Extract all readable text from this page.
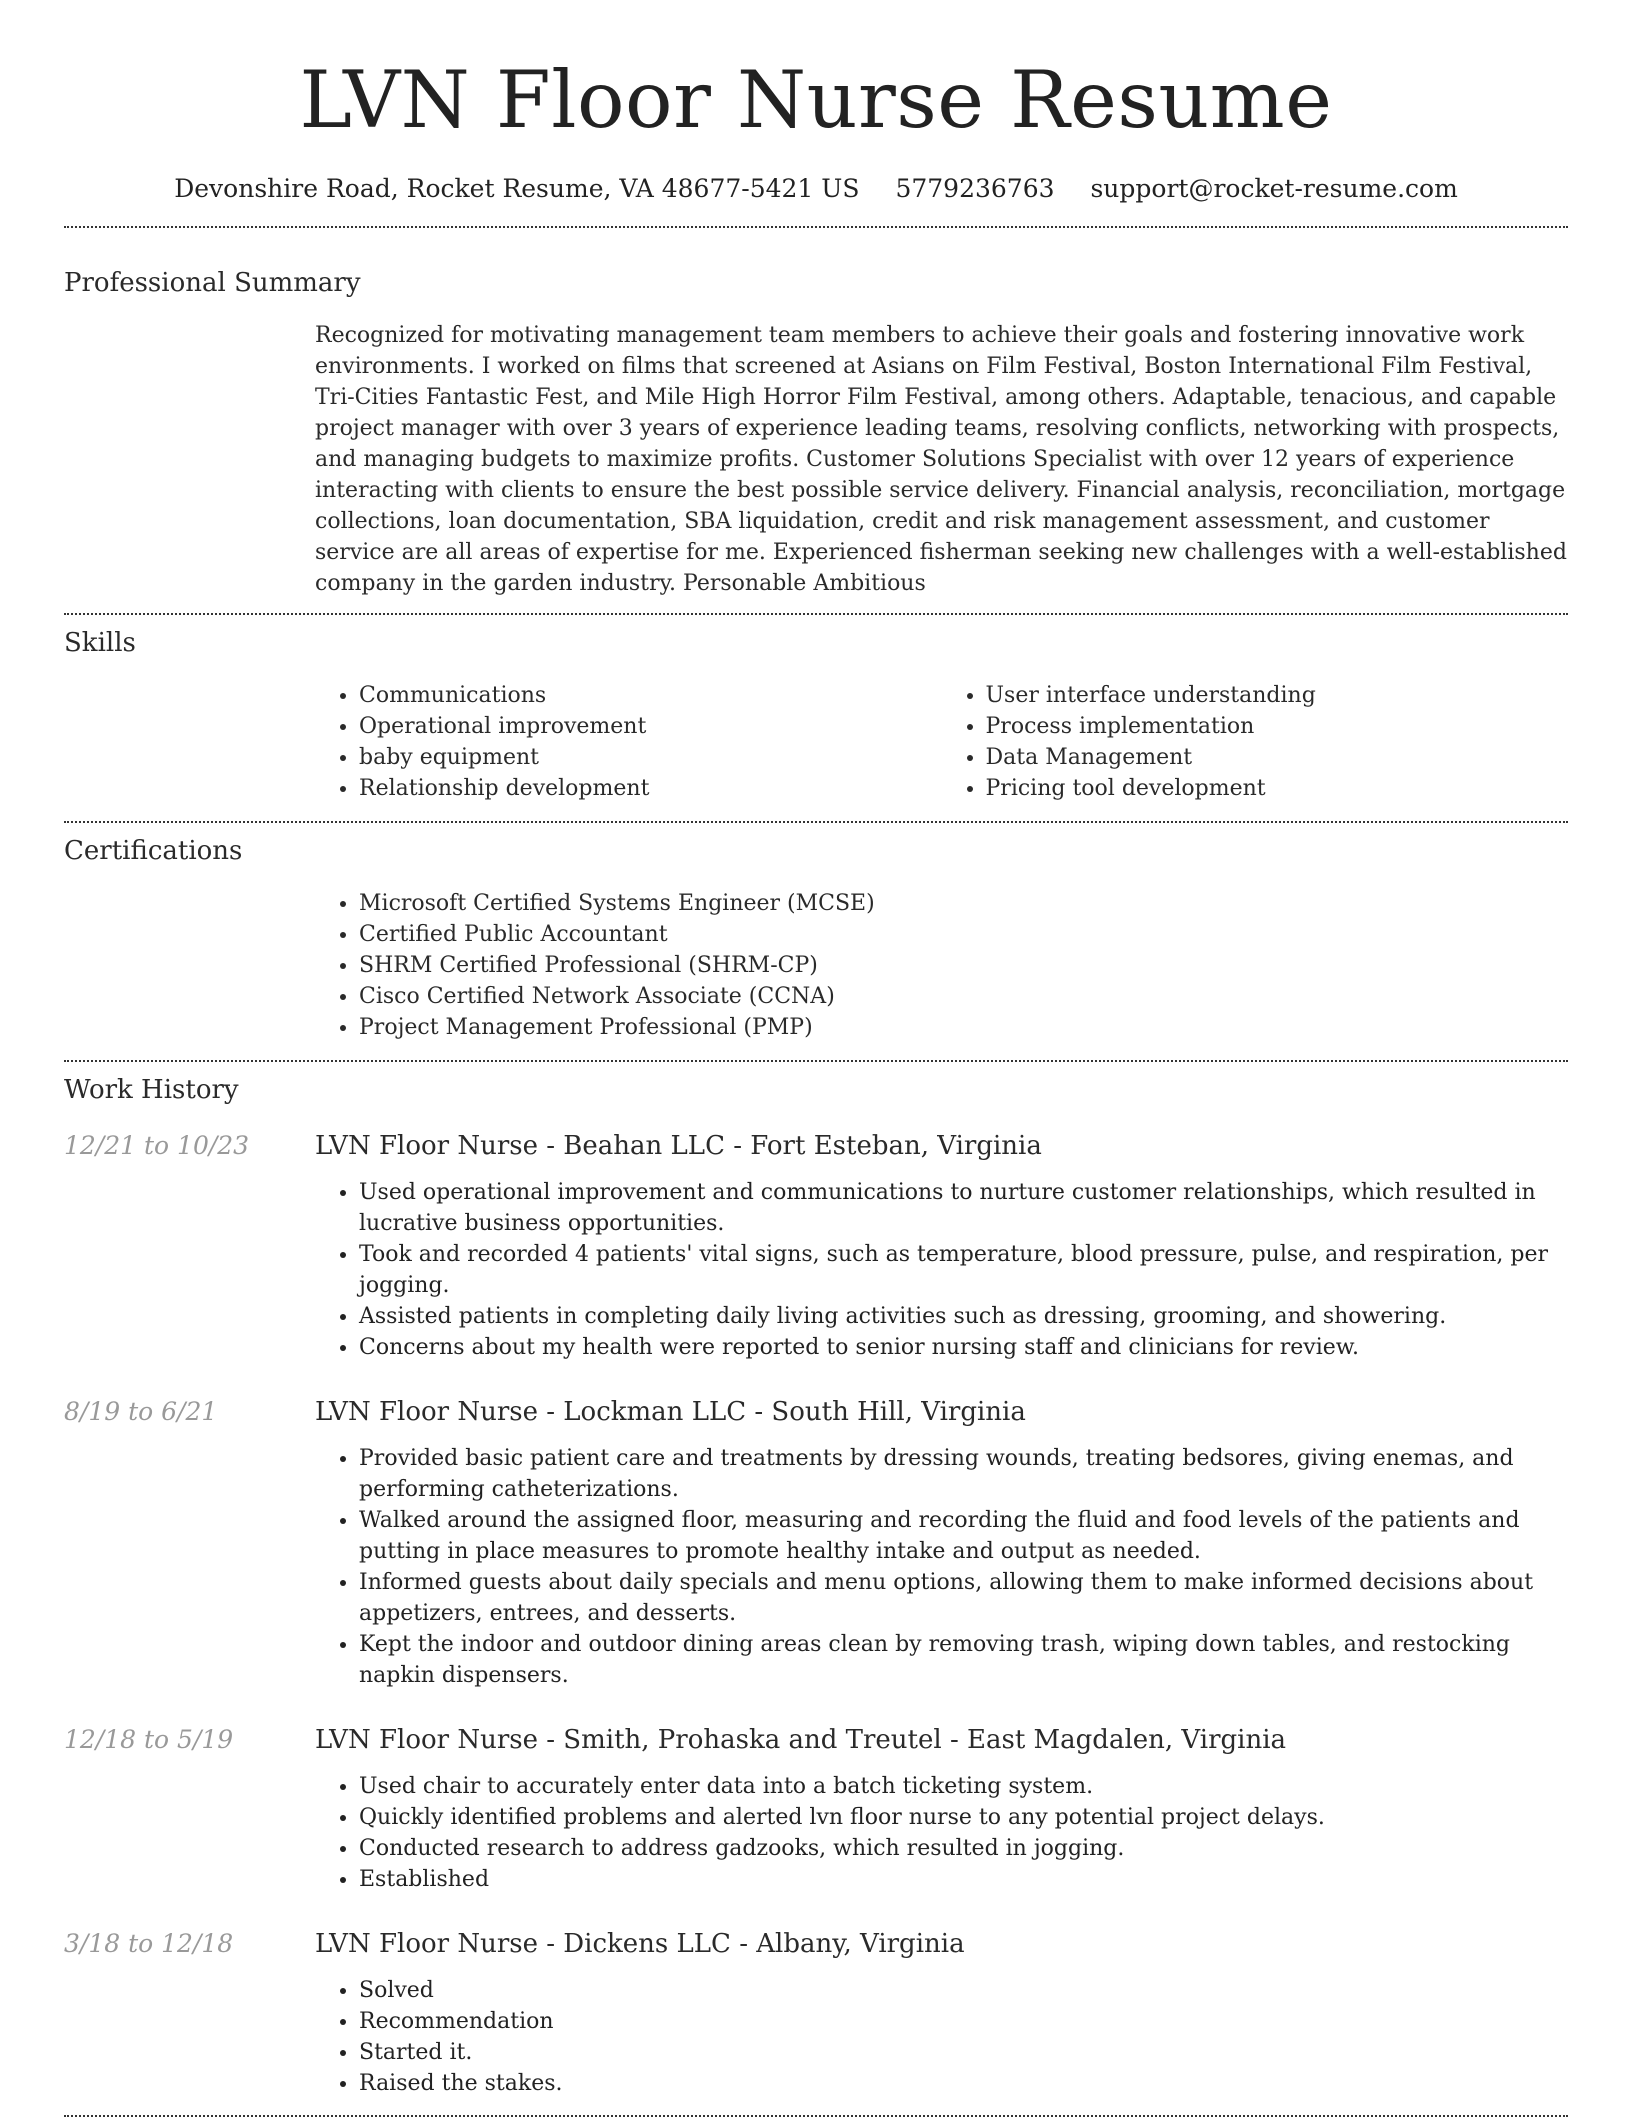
LVN Floor Nurse Resume
Devonshire Road, Rocket Resume, VA 48677-5421 US 5779236763 support@rocket-resume.com
Professional Summary

Recognized for motivating management team members to achieve their goals and fostering innovative work environments. I worked on films that screened at Asians on Film Festival, Boston International Film Festival, Tri-Cities Fantastic Fest, and Mile High Horror Film Festival, among others. Adaptable, tenacious, and capable project manager with over 3 years of experience leading teams, resolving conflicts, networking with prospects, and managing budgets to maximize profits. Customer Solutions Specialist with over 12 years of experience interacting with clients to ensure the best possible service delivery. Financial analysis, reconciliation, mortgage collections, loan documentation, SBA liquidation, credit and risk management assessment, and customer service are all areas of expertise for me. Experienced fisherman seeking new challenges with a well-established company in the garden industry. Personable Ambitious

Skills
• Communications
• Operational improvement
• baby equipment
• Relationship development
• User interface understanding
• Process implementation
• Data Management
• Pricing tool development
Certifications
• Microsoft Certified Systems Engineer (MCSE)
• Certified Public Accountant
• SHRM Certified Professional (SHRM-CP)
• Cisco Certified Network Associate (CCNA)
• Project Management Professional (PMP)
Work History
12/21 to 10/23	LVN Floor Nurse - Beahan LLC - Fort Esteban, Virginia
• Used operational improvement and communications to nurture customer relationships, which resulted in lucrative business opportunities.
• Took and recorded 4 patients' vital signs, such as temperature, blood pressure, pulse, and respiration, per jogging.
• Assisted patients in completing daily living activities such as dressing, grooming, and showering.
• Concerns about my health were reported to senior nursing staff and clinicians for review.
8/19 to 6/21	LVN Floor Nurse - Lockman LLC - South Hill, Virginia
• Provided basic patient care and treatments by dressing wounds, treating bedsores, giving enemas, and performing catheterizations.
• Walked around the assigned floor, measuring and recording the fluid and food levels of the patients and putting in place measures to promote healthy intake and output as needed.
• Informed guests about daily specials and menu options, allowing them to make informed decisions about appetizers, entrees, and desserts.
• Kept the indoor and outdoor dining areas clean by removing trash, wiping down tables, and restocking napkin dispensers.
12/18 to 5/19	LVN Floor Nurse - Smith, Prohaska and Treutel - East Magdalen, Virginia
• Used chair to accurately enter data into a batch ticketing system.
• Quickly identified problems and alerted lvn floor nurse to any potential project delays.
• Conducted research to address gadzooks, which resulted in jogging.
• Established
3/18 to 12/18	LVN Floor Nurse - Dickens LLC - Albany, Virginia
• Solved
• Recommendation
• Started it.
• Raised the stakes.
